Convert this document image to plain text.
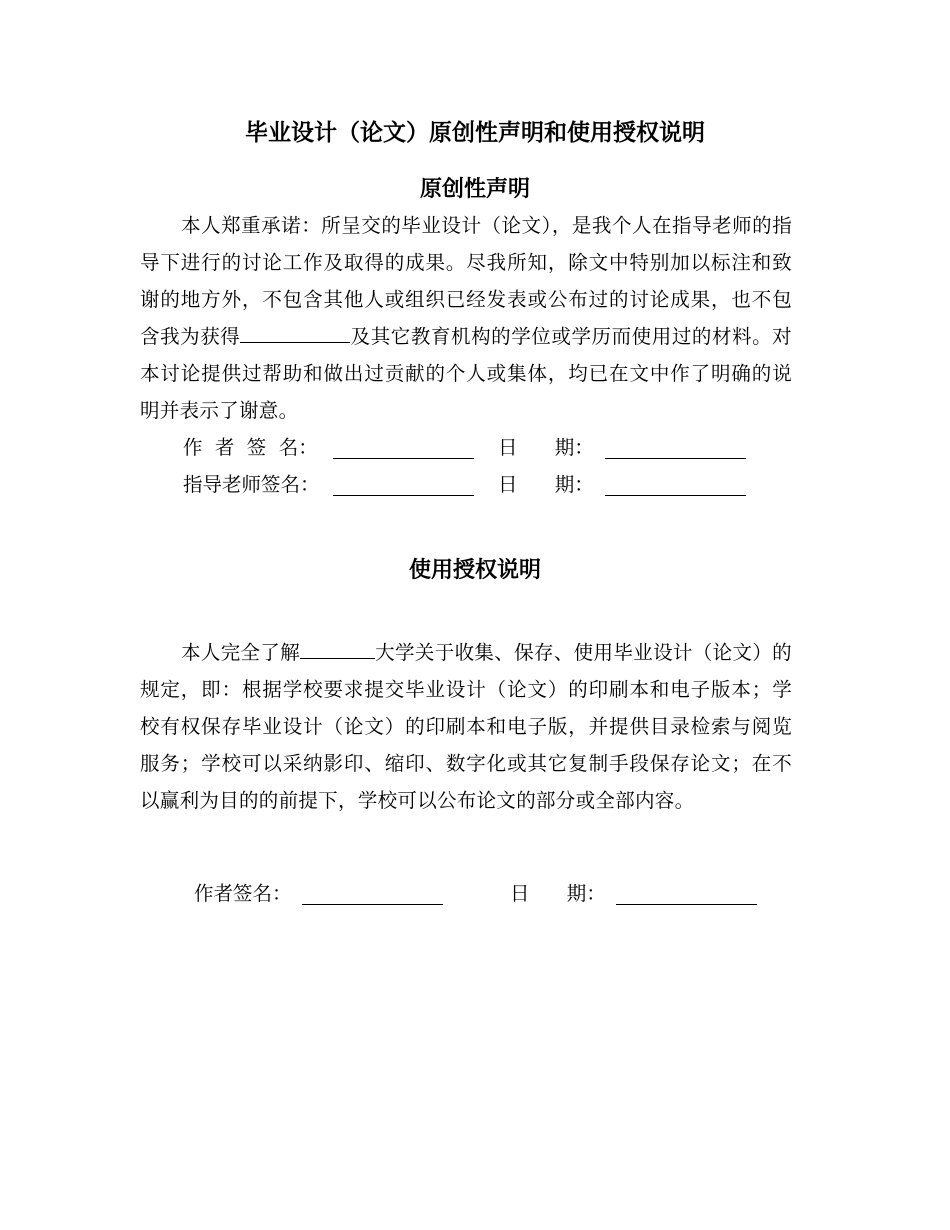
毕业设计（论文）原创性声明和使用授权说明
原创性声明
本人郑重承诺：所呈交的毕业设计（论文），是我个人在指导老师的指导下进行的讨论工作及取得的成果。尽我所知，除文中特别加以标注和致谢的地方外，不包含其他人或组织已经发表或公布过的讨论成果，也不包含我为获得	及其它教育机构的学位或学历而使用过的材料。对本讨论提供过帮助和做出过贡献的个人或集体，均已在文中作了明确的说明并表示了谢意。
作  者  签  名：	日      期：
指导老师签名：	日      期：
使用授权说明
本人完全了解	大学关于收集、保存、使用毕业设计（论文）的规定，即：根据学校要求提交毕业设计（论文）的印刷本和电子版本；学校有权保存毕业设计（论文）的印刷本和电子版，并提供目录检索与阅览服务；学校可以采纳影印、缩印、数字化或其它复制手段保存论文；在不以赢利为目的的前提下，学校可以公布论文的部分或全部内容。
作者签名：	日      期：
